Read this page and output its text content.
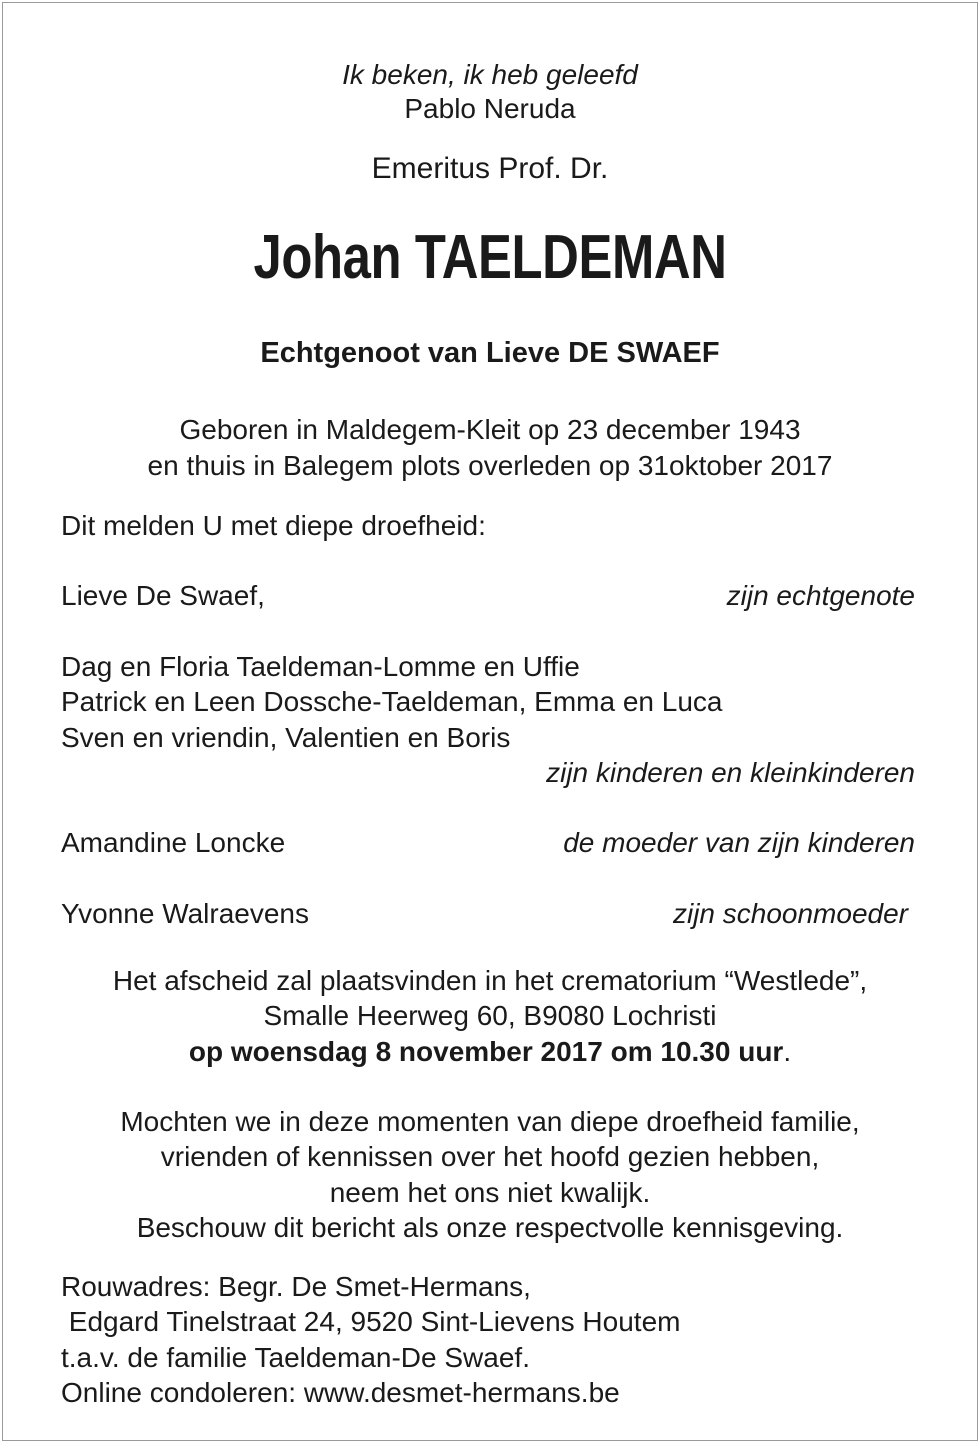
Ik beken, ik heb geleefd
Pablo Neruda
Emeritus Prof. Dr.
Johan TAELDEMAN
Echtgenoot van Lieve DE SWAEF
Geboren in Maldegem-Kleit op 23 december 1943
en thuis in Balegem plots overleden op 31oktober 2017
Dit melden U met diepe droefheid:
Lieve De Swaef,	zijn echtgenote
Dag en Floria Taeldeman-Lomme en Uffie
Patrick en Leen Dossche-Taeldeman, Emma en Luca
Sven en vriendin, Valentien en Boris
zijn kinderen en kleinkinderen
Amandine Loncke	de moeder van zijn kinderen
Yvonne Walraevens	zijn schoonmoeder
Het afscheid zal plaatsvinden in het crematorium “Westlede”,
Smalle Heerweg 60, B9080 Lochristi
op woensdag 8 november 2017 om 10.30 uur.
Mochten we in deze momenten van diepe droefheid familie,
vrienden of kennissen over het hoofd gezien hebben,
neem het ons niet kwalijk.
Beschouw dit bericht als onze respectvolle kennisgeving.
Rouwadres: Begr. De Smet-Hermans,
Edgard Tinelstraat 24, 9520 Sint-Lievens Houtem
t.a.v. de familie Taeldeman-De Swaef.
Online condoleren: www.desmet-hermans.be
